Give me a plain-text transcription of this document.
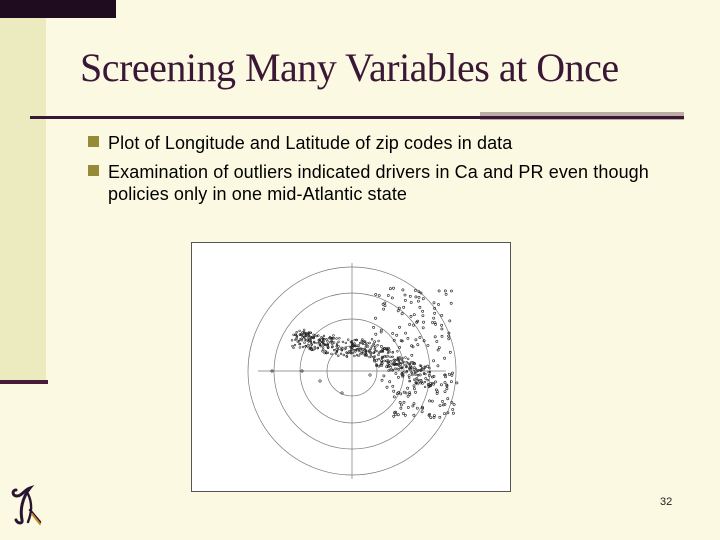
Screening Many Variables at Once
Plot of Longitude and Latitude of zip codes in data
Examination of outliers indicated drivers in Ca and PR even though policies only in one mid-Atlantic state
32
